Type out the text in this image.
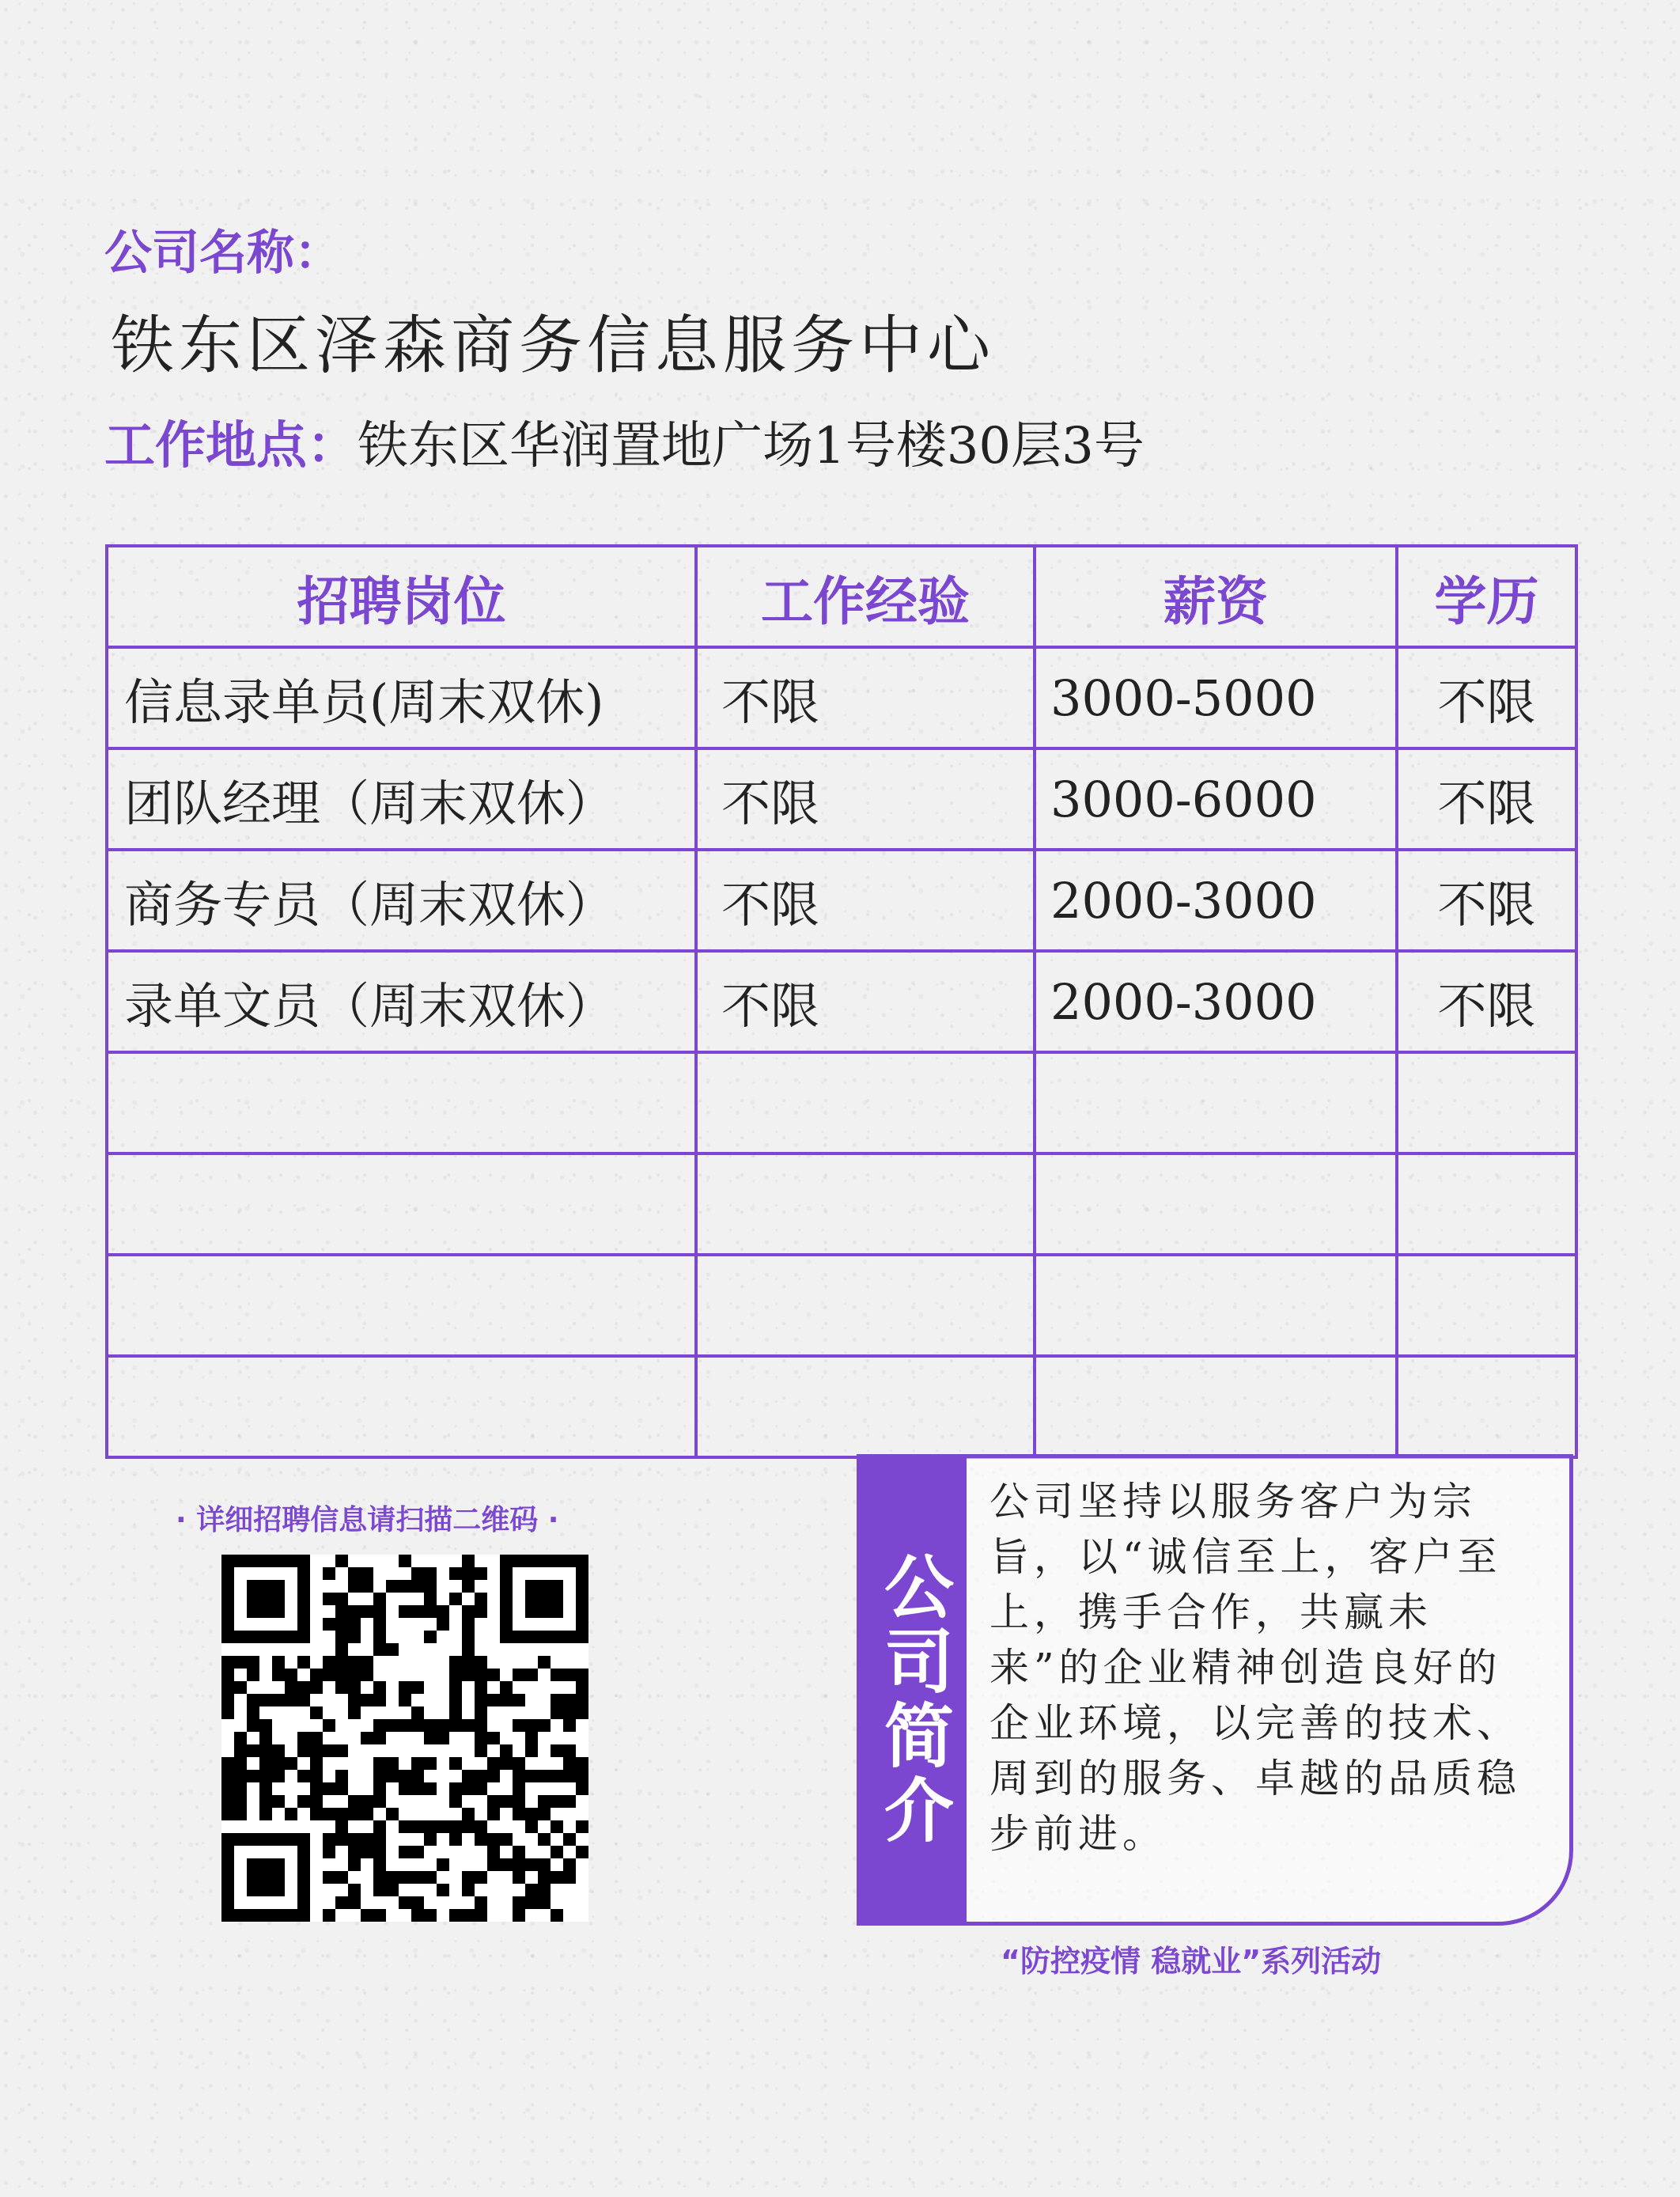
公司名称：
铁东区泽森商务信息服务中心
工作地点：铁东区华润置地广场1号楼30层3号
招聘岗位	工作经验	薪资	学历
信息录单员(周末双休)	不限	3000-5000	不限
团队经理（周末双休）	不限	3000-6000	不限
商务专员（周末双休）	不限	2000-3000	不限
录单文员（周末双休）	不限	2000-3000	不限

· 详细招聘信息请扫描二维码 ·
公司简介
公司坚持以服务客户为宗旨，以“诚信至上，客户至上，携手合作，共赢未来”的企业精神创造良好的企业环境，以完善的技术、周到的服务、卓越的品质稳步前进。
“防控疫情 稳就业”系列活动
